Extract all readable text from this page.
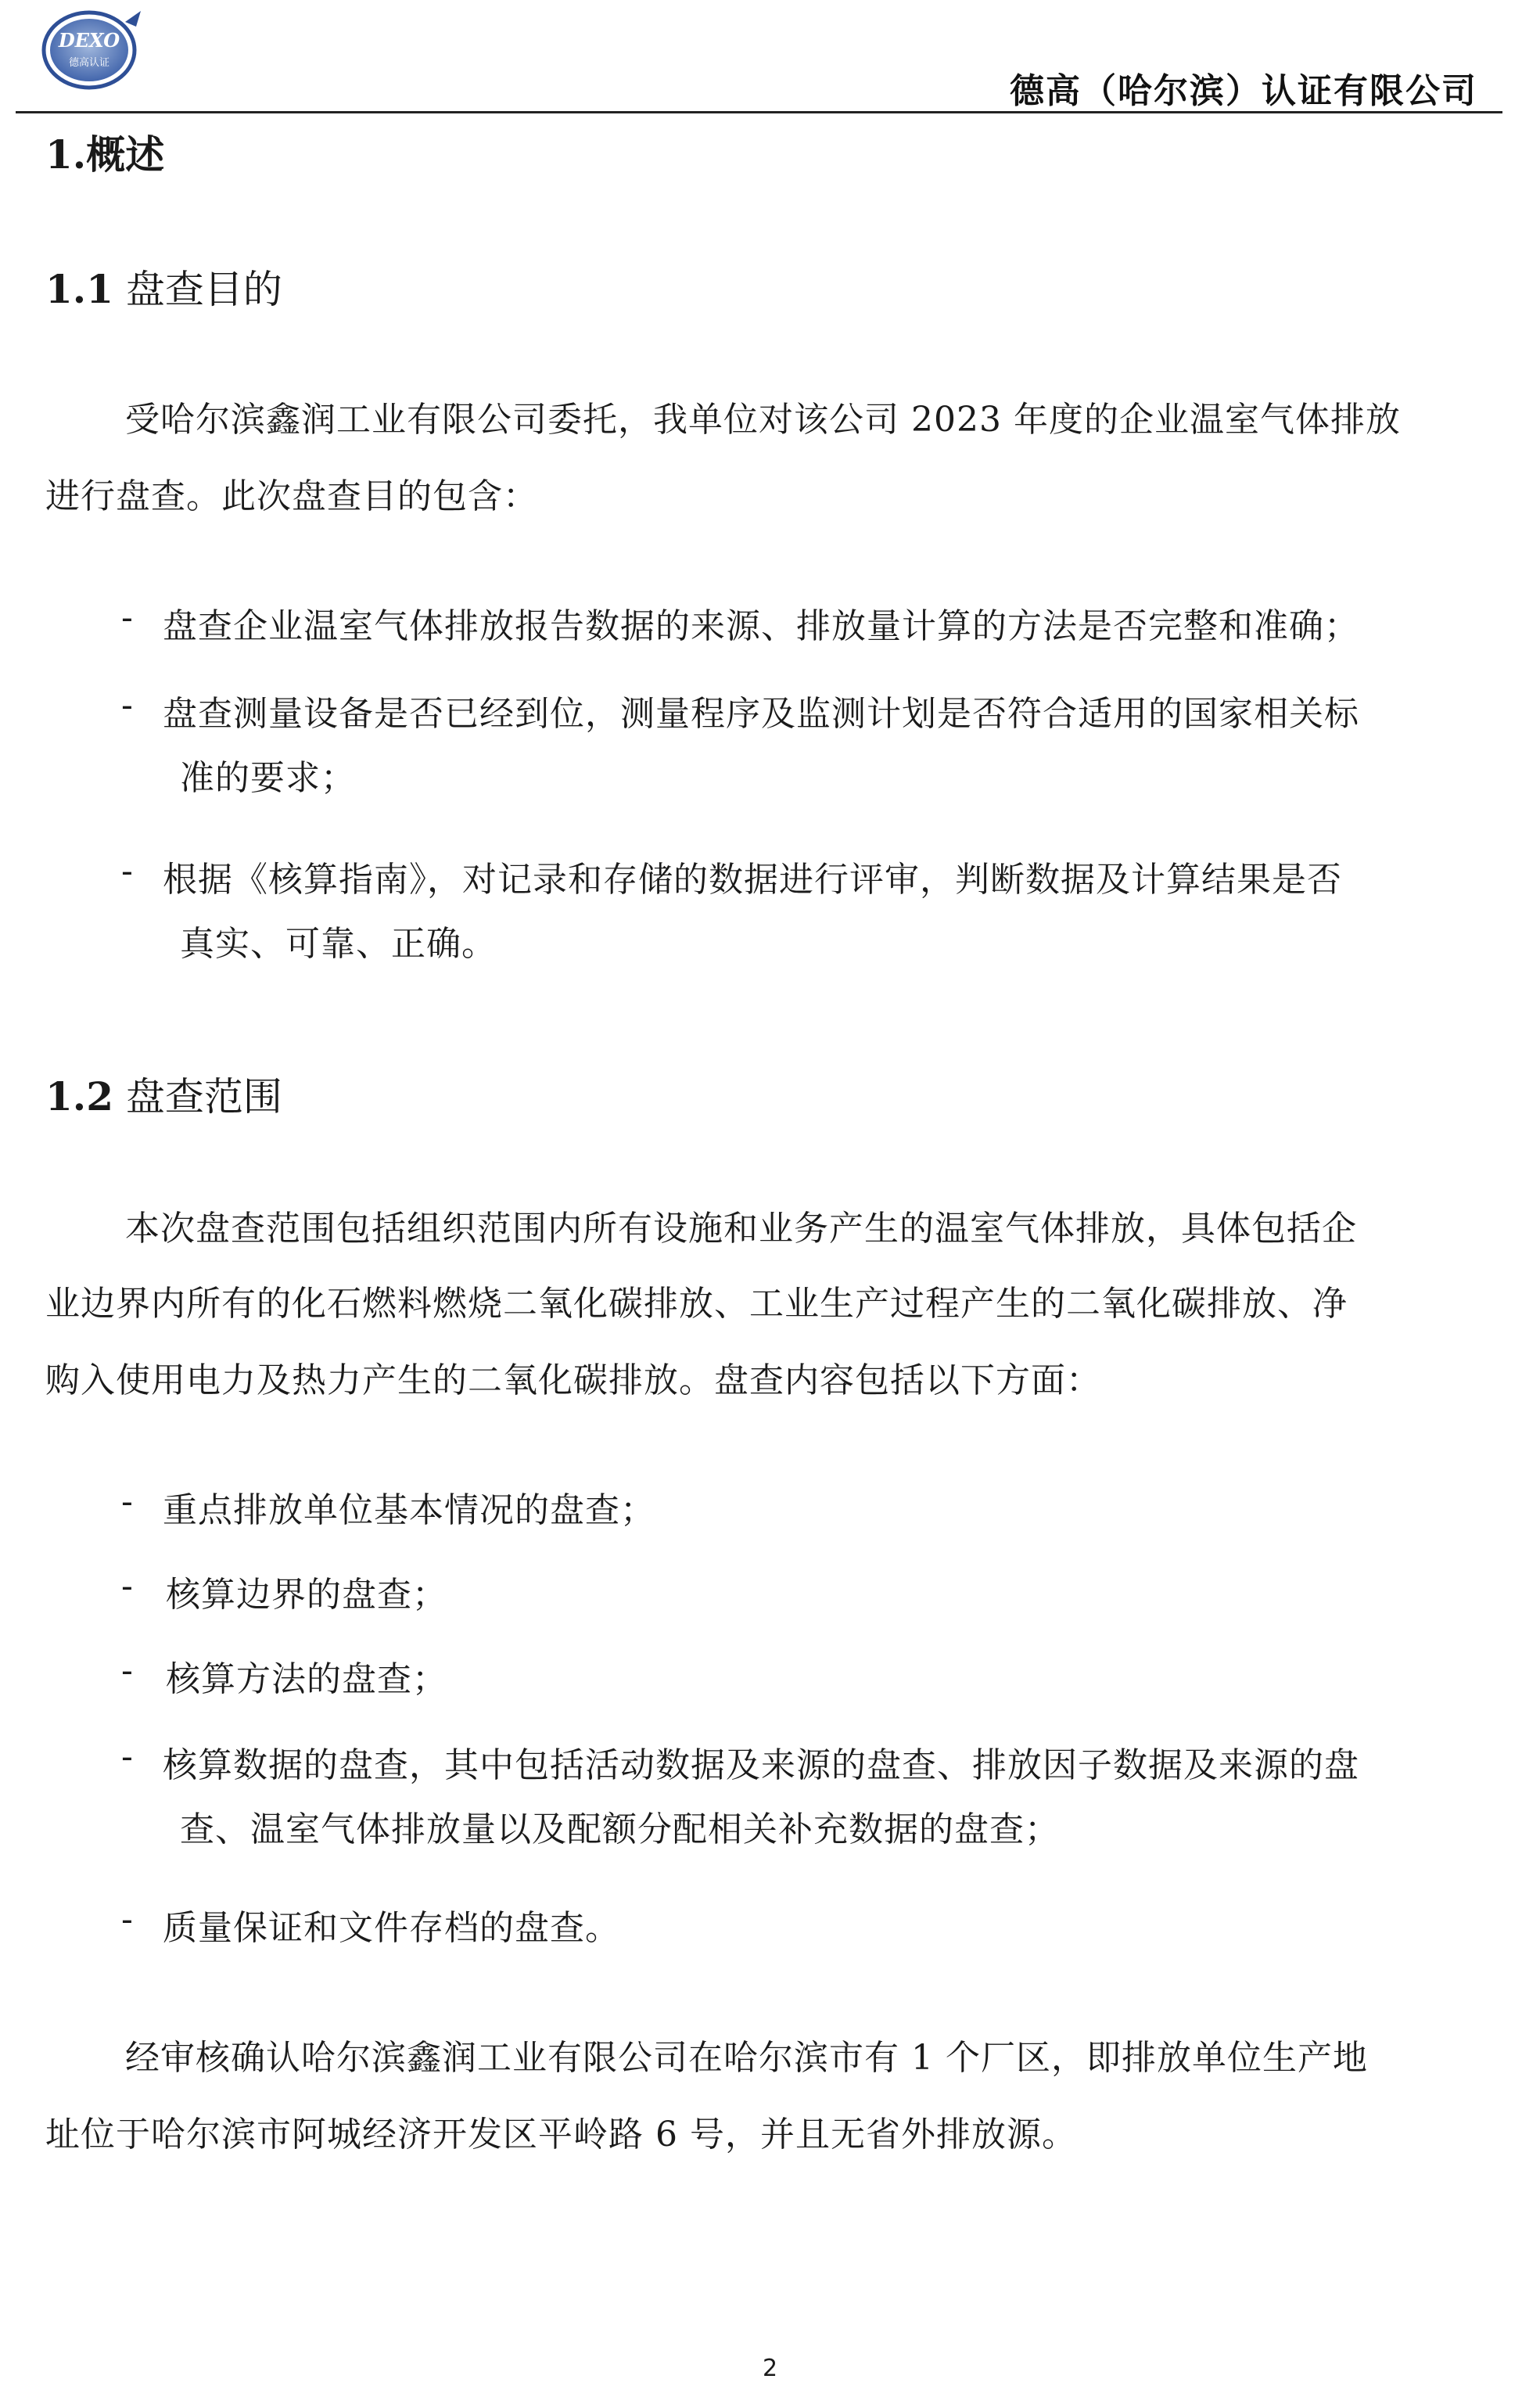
DEXO
德高认证
德高（哈尔滨）认证有限公司
1.概述
1.1 盘查目的
受哈尔滨鑫润工业有限公司委托，我单位对该公司 2023 年度的企业温室气体排放
进行盘查。此次盘查目的包含：
- 盘查企业温室气体排放报告数据的来源、排放量计算的方法是否完整和准确；
- 盘查测量设备是否已经到位，测量程序及监测计划是否符合适用的国家相关标
准的要求；
- 根据《核算指南》，对记录和存储的数据进行评审，判断数据及计算结果是否
真实、可靠、正确。
1.2 盘查范围
本次盘查范围包括组织范围内所有设施和业务产生的温室气体排放，具体包括企
业边界内所有的化石燃料燃烧二氧化碳排放、工业生产过程产生的二氧化碳排放、净
购入使用电力及热力产生的二氧化碳排放。盘查内容包括以下方面：
- 重点排放单位基本情况的盘查；
- 核算边界的盘查；
- 核算方法的盘查；
- 核算数据的盘查，其中包括活动数据及来源的盘查、排放因子数据及来源的盘
查、温室气体排放量以及配额分配相关补充数据的盘查；
- 质量保证和文件存档的盘查。
经审核确认哈尔滨鑫润工业有限公司在哈尔滨市有 1 个厂区，即排放单位生产地
址位于哈尔滨市阿城经济开发区平岭路 6 号，并且无省外排放源。
2
